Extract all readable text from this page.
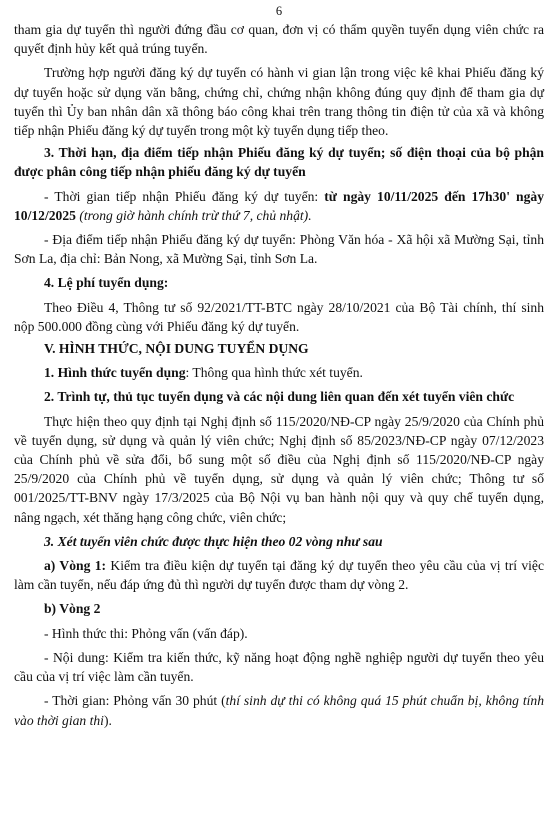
6

tham gia dự tuyển thì người đứng đầu cơ quan, đơn vị có thẩm quyền tuyển dụng viên chức ra quyết định hủy kết quả trúng tuyển.

Trường hợp người đăng ký dự tuyển có hành vi gian lận trong việc kê khai Phiếu đăng ký dự tuyển hoặc sử dụng văn bằng, chứng chỉ, chứng nhận không đúng quy định để tham gia dự tuyển thì Ủy ban nhân dân xã thông báo công khai trên trang thông tin điện tử của xã và không tiếp nhận Phiếu đăng ký dự tuyển trong một kỳ tuyển dụng tiếp theo.

3. Thời hạn, địa điểm tiếp nhận Phiếu đăng ký dự tuyển; số điện thoại của bộ phận được phân công tiếp nhận phiếu đăng ký dự tuyển

- Thời gian tiếp nhận Phiếu đăng ký dự tuyển: từ ngày 10/11/2025 đến 17h30' ngày 10/12/2025 (trong giờ hành chính trừ thứ 7, chủ nhật).

- Địa điểm tiếp nhận Phiếu đăng ký dự tuyển: Phòng Văn hóa - Xã hội xã Mường Sại, tỉnh Sơn La, địa chỉ: Bản Nong, xã Mường Sại, tỉnh Sơn La.

4. Lệ phí tuyển dụng:

Theo Điều 4, Thông tư số 92/2021/TT-BTC ngày 28/10/2021 của Bộ Tài chính, thí sinh nộp 500.000 đồng cùng với Phiếu đăng ký dự tuyển.

V. HÌNH THỨC, NỘI DUNG TUYỂN DỤNG

1. Hình thức tuyển dụng: Thông qua hình thức xét tuyển.

2. Trình tự, thủ tục tuyển dụng và các nội dung liên quan đến xét tuyển viên chức

Thực hiện theo quy định tại Nghị định số 115/2020/NĐ-CP ngày 25/9/2020 của Chính phủ về tuyển dụng, sử dụng và quản lý viên chức; Nghị định số 85/2023/NĐ-CP ngày 07/12/2023 của Chính phủ về sửa đổi, bổ sung một số điều của Nghị định số 115/2020/NĐ-CP ngày 25/9/2020 của Chính phủ về tuyển dụng, sử dụng và quản lý viên chức; Thông tư số 001/2025/TT-BNV ngày 17/3/2025 của Bộ Nội vụ ban hành nội quy và quy chế tuyển dụng, nâng ngạch, xét thăng hạng công chức, viên chức;

3. Xét tuyển viên chức được thực hiện theo 02 vòng như sau

a) Vòng 1: Kiểm tra điều kiện dự tuyển tại đăng ký dự tuyển theo yêu cầu của vị trí việc làm cần tuyển, nếu đáp ứng đủ thì người dự tuyển được tham dự vòng 2.

b) Vòng 2

- Hình thức thi: Phỏng vấn (vấn đáp).

- Nội dung: Kiểm tra kiến thức, kỹ năng hoạt động nghề nghiệp người dự tuyển theo yêu cầu của vị trí việc làm cần tuyển.

- Thời gian: Phỏng vấn 30 phút (thí sinh dự thi có không quá 15 phút chuẩn bị, không tính vào thời gian thi).
